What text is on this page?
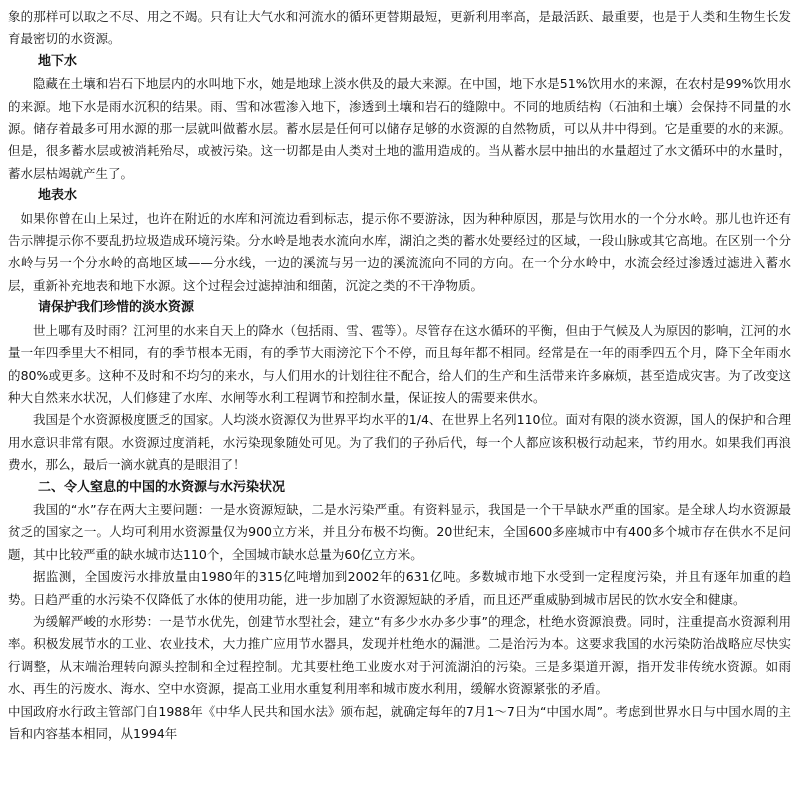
象的那样可以取之不尽、用之不竭。只有让大气水和河流水的循环更替期最短，更新利用率高，是最活跃、最重要，也是于人类和生物生长发育最密切的水资源。

地下水

隐藏在土壤和岩石下地层内的水叫地下水，她是地球上淡水供及的最大来源。在中国，地下水是51%饮用水的来源，在农村是99%饮用水的来源。地下水是雨水沉积的结果。雨、雪和冰雹渗入地下，渗透到土壤和岩石的缝隙中。不同的地质结构（石油和土壤）会保持不同量的水源。储存着最多可用水源的那一层就叫做蓄水层。蓄水层是任何可以储存足够的水资源的自然物质，可以从井中得到。它是重要的水的来源。但是，很多蓄水层或被消耗殆尽，或被污染。这一切都是由人类对土地的滥用造成的。当从蓄水层中抽出的水量超过了水文循环中的水量时，蓄水层枯竭就产生了。

地表水

如果你曾在山上呆过，也许在附近的水库和河流边看到标志，提示你不要游泳，因为种种原因，那是与饮用水的一个分水岭。那儿也许还有告示牌提示你不要乱扔垃圾造成环境污染。分水岭是地表水流向水库，湖泊之类的蓄水处要经过的区域，一段山脉或其它高地。在区别一个分水岭与另一个分水岭的高地区域——分水线，一边的溪流与另一边的溪流流向不同的方向。在一个分水岭中，水流会经过渗透过滤进入蓄水层，重新补充地表和地下水源。这个过程会过滤掉油和细菌，沉淀之类的不干净物质。

请保护我们珍惜的淡水资源

世上哪有及时雨？江河里的水来自天上的降水（包括雨、雪、雹等）。尽管存在这水循环的平衡，但由于气候及人为原因的影响，江河的水量一年四季里大不相同，有的季节根本无雨，有的季节大雨滂沱下个不停，而且每年都不相同。经常是在一年的雨季四五个月，降下全年雨水的80%或更多。这种不及时和不均匀的来水，与人们用水的计划往往不配合，给人们的生产和生活带来许多麻烦，甚至造成灾害。为了改变这种大自然来水状况，人们修建了水库、水闸等水利工程调节和控制水量，保证按人的需要来供水。

我国是个水资源极度匮乏的国家。人均淡水资源仅为世界平均水平的1/4、在世界上名列110位。面对有限的淡水资源，国人的保护和合理用水意识非常有限。水资源过度消耗，水污染现象随处可见。为了我们的子孙后代，每一个人都应该积极行动起来，节约用水。如果我们再浪费水，那么，最后一滴水就真的是眼泪了！

二、令人窒息的中国的水资源与水污染状况

我国的“水”存在两大主要问题：一是水资源短缺，二是水污染严重。有资料显示，我国是一个干旱缺水严重的国家。是全球人均水资源最贫乏的国家之一。人均可利用水资源量仅为900立方米，并且分布极不均衡。20世纪末，全国600多座城市中有400多个城市存在供水不足问题，其中比较严重的缺水城市达110个，全国城市缺水总量为60亿立方米。

据监测，全国废污水排放量由1980年的315亿吨增加到2002年的631亿吨。多数城市地下水受到一定程度污染，并且有逐年加重的趋势。日趋严重的水污染不仅降低了水体的使用功能，进一步加剧了水资源短缺的矛盾，而且还严重威胁到城市居民的饮水安全和健康。

为缓解严峻的水形势：一是节水优先，创建节水型社会，建立“有多少水办多少事”的理念，杜绝水资源浪费。同时，注重提高水资源利用率。积极发展节水的工业、农业技术，大力推广应用节水器具，发现并杜绝水的漏泄。二是治污为本。这要求我国的水污染防治战略应尽快实行调整，从末端治理转向源头控制和全过程控制。尤其要杜绝工业废水对于河流湖泊的污染。三是多渠道开源，指开发非传统水资源。如雨水、再生的污废水、海水、空中水资源，提高工业用水重复利用率和城市废水利用，缓解水资源紧张的矛盾。

中国政府水行政主管部门自1988年《中华人民共和国水法》颁布起，就确定每年的7月1～7日为“中国水周”。考虑到世界水日与中国水周的主旨和内容基本相同，从1994年
